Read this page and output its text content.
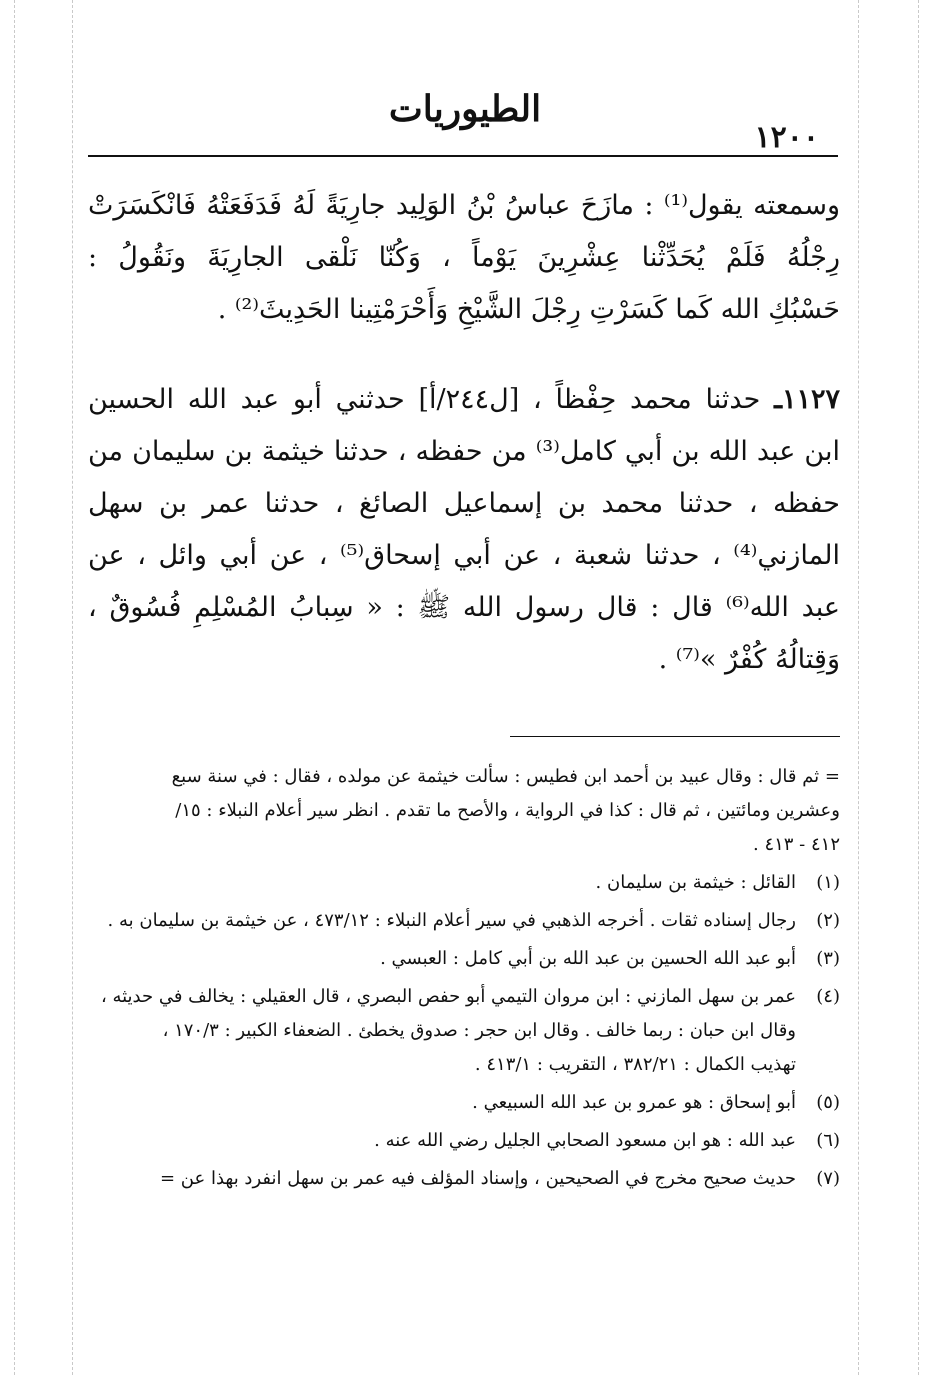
الطيوريات
١٢٠٠
وسمعته يقول⁽¹⁾ : مازَحَ عباسُ بْنُ الوَلِيد جارِيَةً لَهُ فَدَفَعَتْهُ فَانْكَسَرَتْ
رِجْلُهُ فَلَمْ يُحَدِّثْنا عِشْرِينَ يَوْماً ، وَكُنّا نَلْقى الجارِيَةَ ونَقُولُ :
حَسْبُكِ الله كَما كَسَرْتِ رِجْلَ الشَّيْخِ وَأَحْرَمْتِينا الحَدِيثَ⁽²⁾ .
١١٢٧ـ حدثنا محمد حِفْظاً ، [ل٢٤٤/أ] حدثني أبو عبد الله الحسين
ابن عبد الله بن أبي كامل⁽³⁾ من حفظه ، حدثنا خيثمة بن سليمان من
حفظه ، حدثنا محمد بن إسماعيل الصائغ ، حدثنا عمر بن سهل
المازني⁽⁴⁾ ، حدثنا شعبة ، عن أبي إسحاق⁽⁵⁾ ، عن أبي وائل ، عن
عبد الله⁽⁶⁾ قال : قال رسول الله ﷺ : « سِبابُ المُسْلِمِ فُسُوقٌ ،
وَقِتالُهُ كُفْرٌ »⁽⁷⁾ .
= ثم قال : وقال عبيد بن أحمد ابن فطيس : سألت خيثمة عن مولده ، فقال : في سنة سبع
وعشرين ومائتين ، ثم قال : كذا في الرواية ، والأصح ما تقدم . انظر سير أعلام النبلاء : ١٥/
٤١٢ - ٤١٣ .
(١)
القائل : خيثمة بن سليمان .
(٢)
رجال إسناده ثقات . أخرجه الذهبي في سير أعلام النبلاء : ٤٧٣/١٢ ، عن خيثمة بن سليمان به .
(٣)
أبو عبد الله الحسين بن عبد الله بن أبي كامل : العبسي .
(٤)
عمر بن سهل المازني : ابن مروان التيمي أبو حفص البصري ، قال العقيلي : يخالف في حديثه ،
وقال ابن حبان : ربما خالف . وقال ابن حجر : صدوق يخطئ . الضعفاء الكبير : ١٧٠/٣ ،
تهذيب الكمال : ٣٨٢/٢١ ، التقريب : ٤١٣/١ .
(٥)
أبو إسحاق : هو عمرو بن عبد الله السبيعي .
(٦)
عبد الله : هو ابن مسعود الصحابي الجليل رضي الله عنه .
(٧)
حديث صحيح مخرج في الصحيحين ، وإسناد المؤلف فيه عمر بن سهل انفرد بهذا عن =
